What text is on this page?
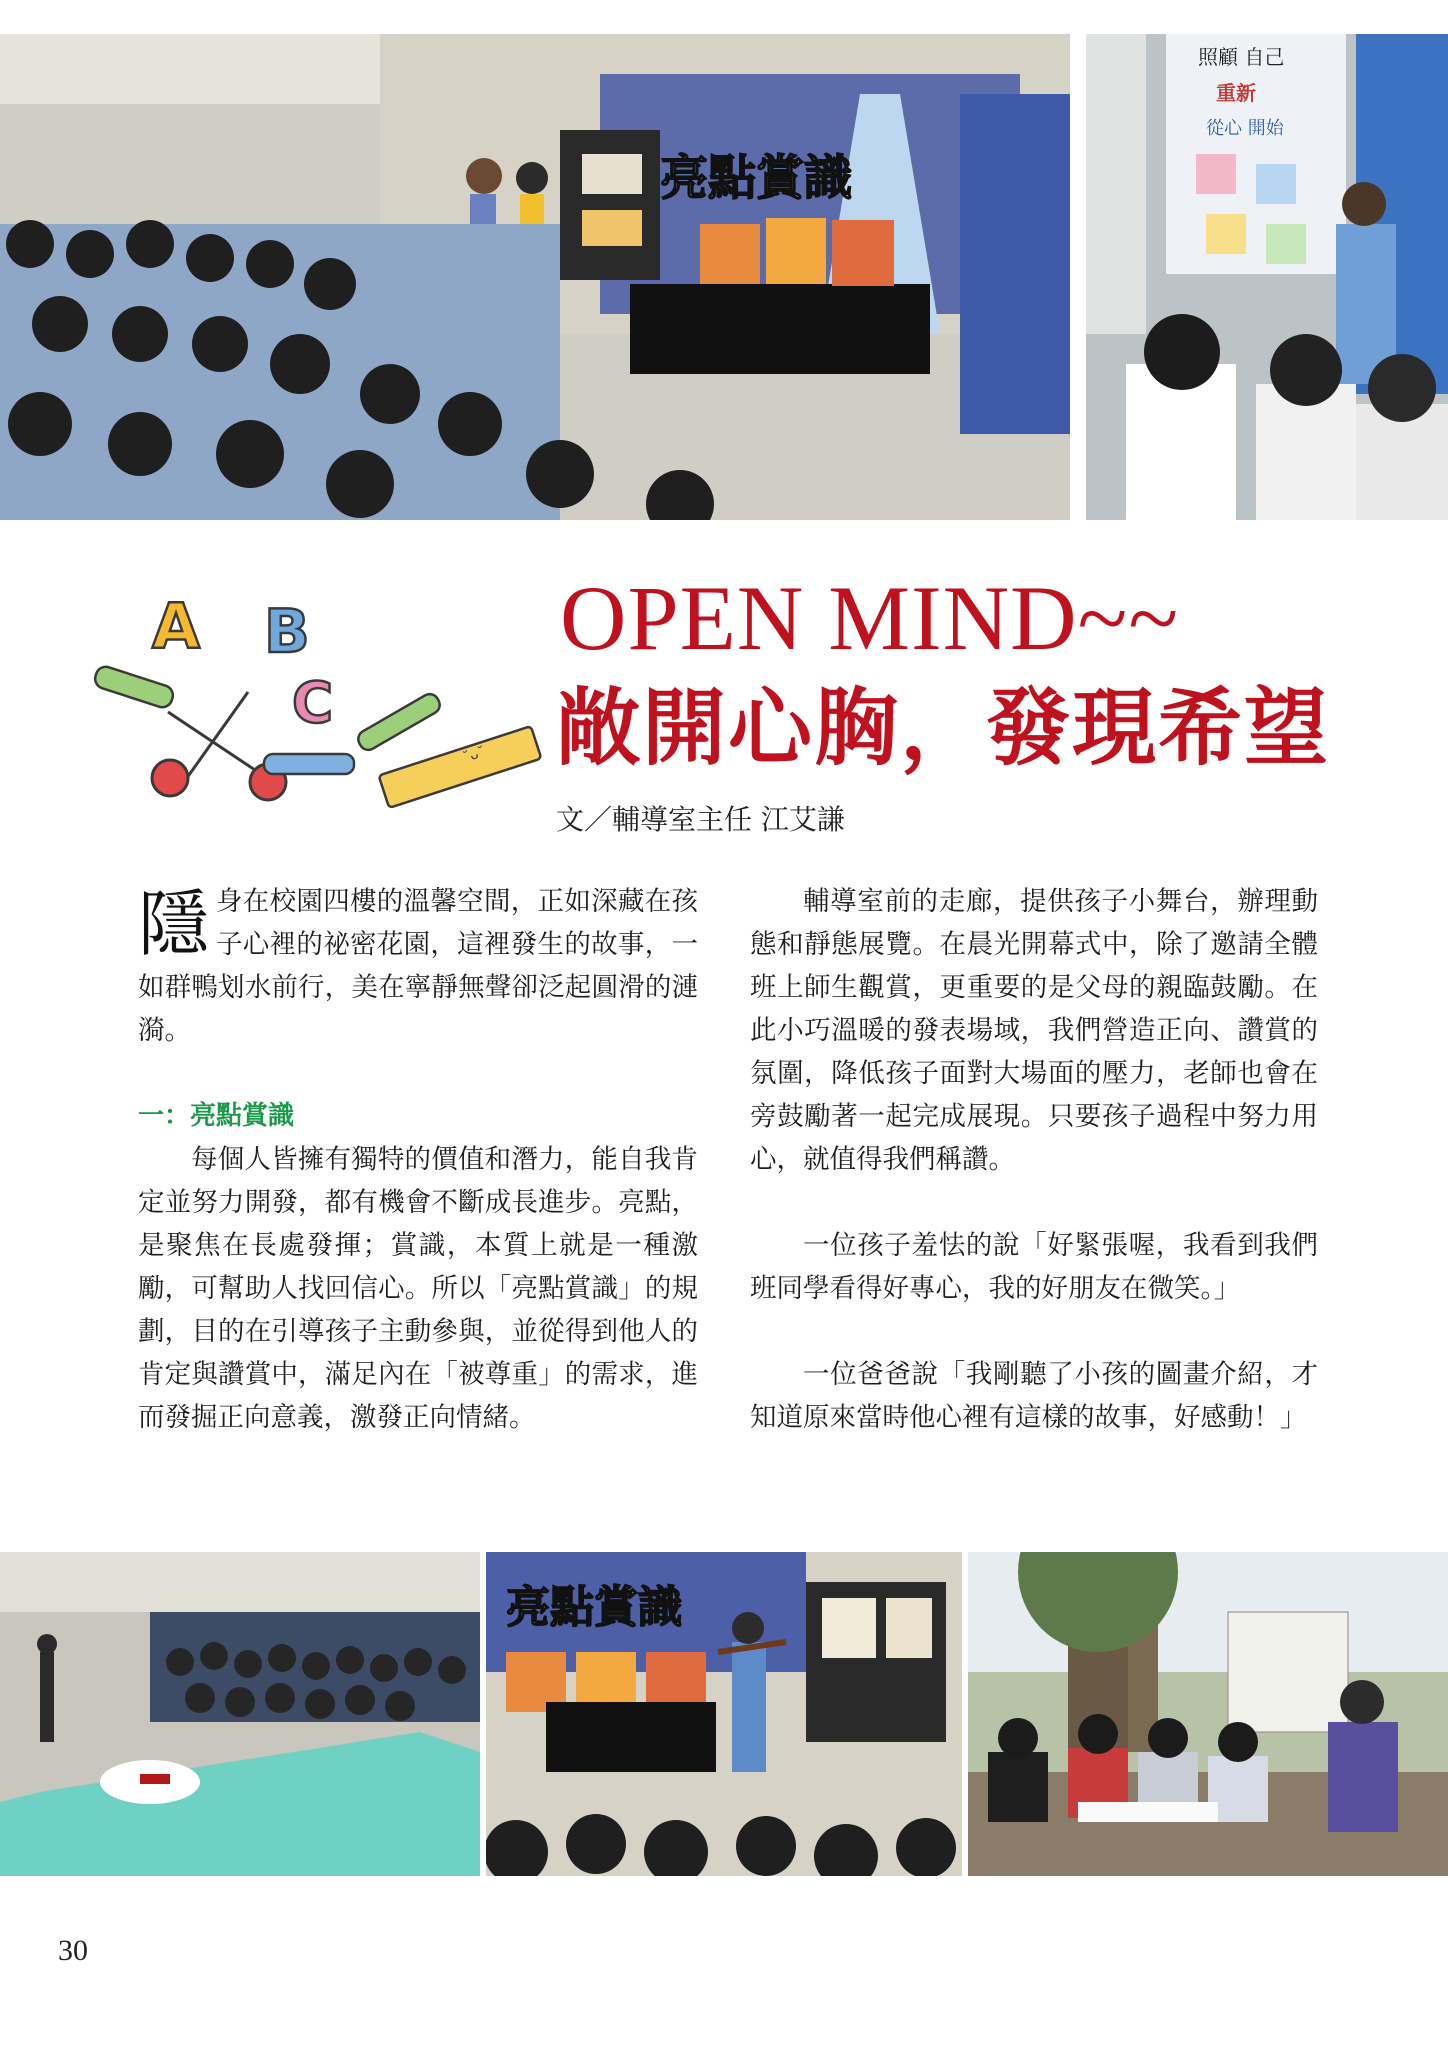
亮點賞識
照顧 自己
重新
從心 開始
A B
C
˘ᴗ˘
OPEN MIND~~
敞開心胸，發現希望
文／輔導室主任 江艾謙

隱身在校園四樓的溫馨空間，正如深藏在孩子心裡的祕密花園，這裡發生的故事，一如群鴨划水前行，美在寧靜無聲卻泛起圓滑的漣漪。

一：亮點賞識

每個人皆擁有獨特的價值和潛力，能自我肯定並努力開發，都有機會不斷成長進步。亮點，是聚焦在長處發揮；賞識，本質上就是一種激勵，可幫助人找回信心。所以「亮點賞識」的規劃，目的在引導孩子主動參與，並從得到他人的肯定與讚賞中，滿足內在「被尊重」的需求，進而發掘正向意義，激發正向情緒。

輔導室前的走廊，提供孩子小舞台，辦理動態和靜態展覽。在晨光開幕式中，除了邀請全體班上師生觀賞，更重要的是父母的親臨鼓勵。在此小巧溫暖的發表場域，我們營造正向、讚賞的氛圍，降低孩子面對大場面的壓力，老師也會在旁鼓勵著一起完成展現。只要孩子過程中努力用心，就值得我們稱讚。

一位孩子羞怯的說「好緊張喔，我看到我們班同學看得好專心，我的好朋友在微笑。」

一位爸爸說「我剛聽了小孩的圖畫介紹，才知道原來當時他心裡有這樣的故事，好感動！」

亮點賞識
30
